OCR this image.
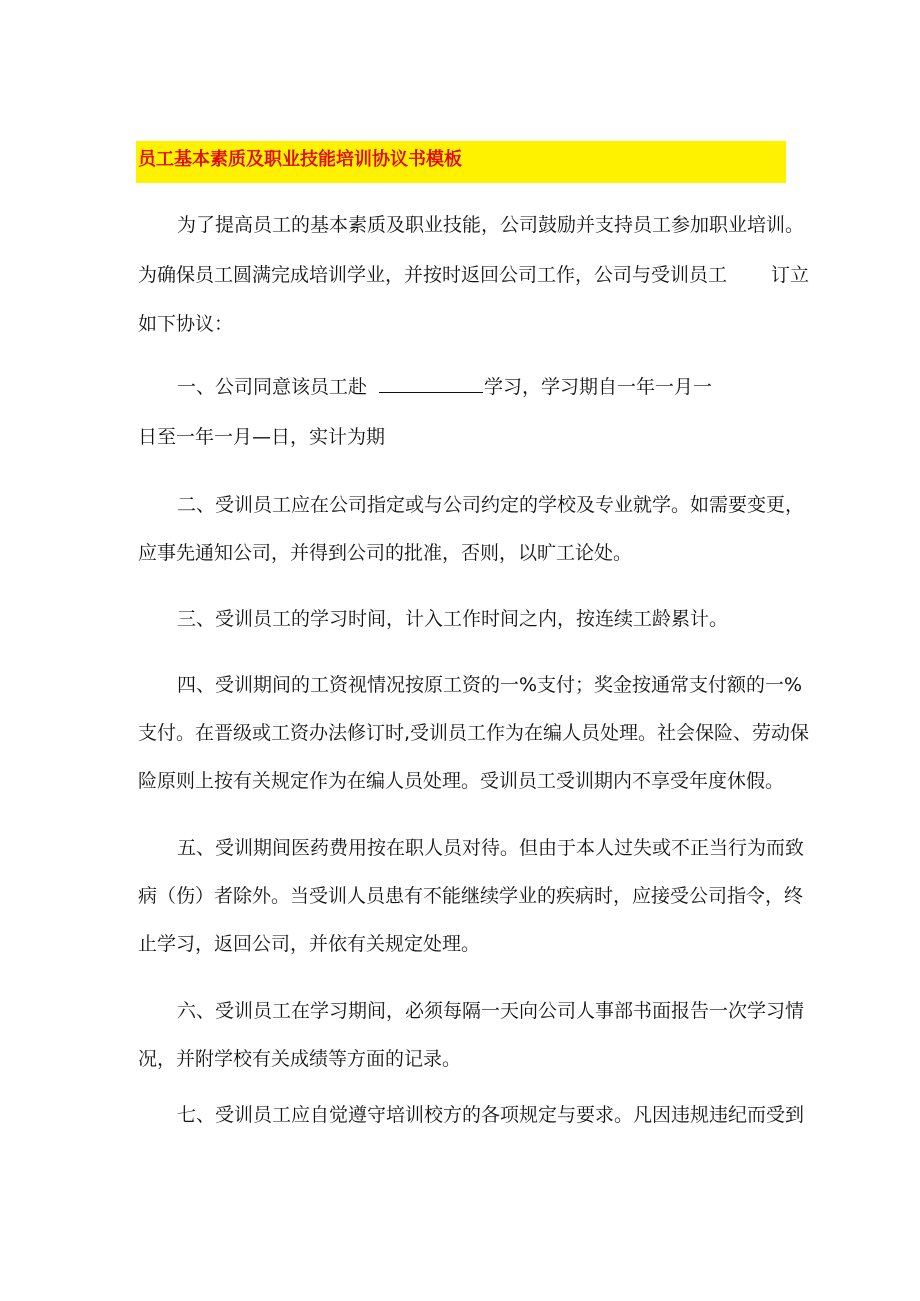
员工基本素质及职业技能培训协议书模板
为了提高员工的基本素质及职业技能，公司鼓励并支持员工参加职业培训。
为确保员工圆满完成培训学业，并按时返回公司工作，公司与受训员工 订立
如下协议：
一、公司同意该员工赴	学习，学习期自一年一月一
日至一年一月—日，实计为期
二、受训员工应在公司指定或与公司约定的学校及专业就学。如需要变更，
应事先通知公司，并得到公司的批准，否则，以旷工论处。
三、受训员工的学习时间，计入工作时间之内，按连续工龄累计。
四、受训期间的工资视情况按原工资的一%支付；奖金按通常支付额的一%
支付。在晋级或工资办法修订时,受训员工作为在编人员处理。社会保险、劳动保
险原则上按有关规定作为在编人员处理。受训员工受训期内不享受年度休假。
五、受训期间医药费用按在职人员对待。但由于本人过失或不正当行为而致
病（伤）者除外。当受训人员患有不能继续学业的疾病时，应接受公司指令，终
止学习，返回公司，并依有关规定处理。
六、受训员工在学习期间，必须每隔一天向公司人事部书面报告一次学习情
况，并附学校有关成绩等方面的记录。
七、受训员工应自觉遵守培训校方的各项规定与要求。凡因违规违纪而受到
